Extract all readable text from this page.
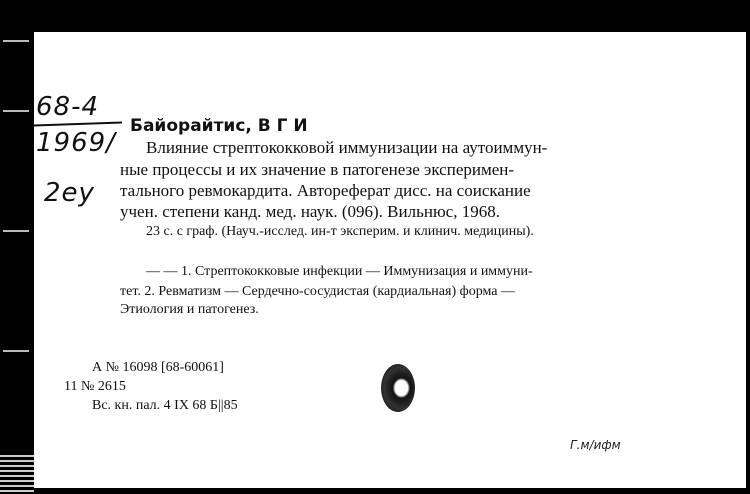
68-4
1969/
2ey
Байорайтис, В Г И
Влияние стрептококковой иммунизации на аутоиммун-
ные процессы и их значение в патогенезе эксперимен-
тального ревмокардита. Автореферат дисс. на соискание
учен. степени канд. мед. наук. (096). Вильнюс, 1968.
23 с. с граф. (Науч.-исслед. ин-т эксперим. и клинич. медицины).
— — 1. Стрептококковые инфекции — Иммунизация и иммуни-
тет. 2. Ревматизм — Сердечно-сосудистая (кардиальная) форма —
Этиология и патогенез.
А № 16098 [68-60061]
11 № 2615
Вс. кн. пал. 4 IX 68 Б||85
Г.м/ифм
